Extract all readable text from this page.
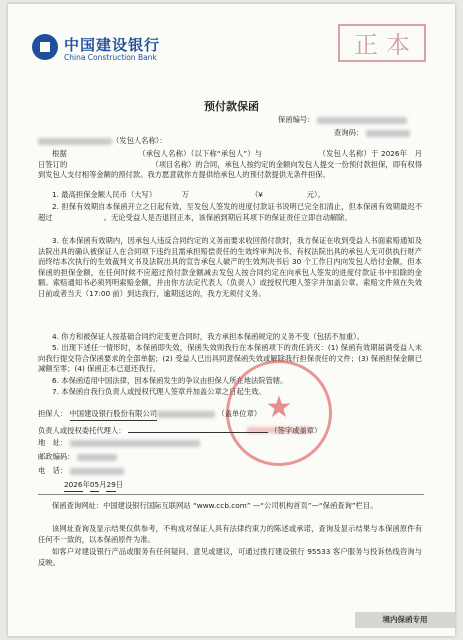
中国建设银行
China Construction Bank	正本
预付款保函
保函编号：
查询码：
（发包人名称）：
根据　　　　　　　　　　（承包人名称）（以下称“承包人”）与　　　　　　　　（发包人名称）于 2026年　月　日签订的　　　　　　　　　　　　（项目名称）的合同，承包人按约定的金额向发包人提交一份预付款担保，即有权得到发包人支付相等金额的预付款。我方愿意就你方提供给承包人的预付款提供无条件担保。
1. 最高担保金额人民币（大写）　　　　万　　　　　　　　　（¥　　　　　　元）。
2. 担保有效期自本保函开立之日起有效，至发包人签发的进度付款证书说明已完全扣清止，但本保函有效期最迟不超过　　　　　　　。无论受益人是否退回正本，该保函到期后其项下的保证责任立即自动解除。
3. 在本保函有效期内，因承包人违反合同约定的义务而要求收回预付款时，我方保证在收到受益人书面索赔通知及法院出具的确认被保证人在合同项下违约且需承担赔偿责任的生效终审判决书、有权法院出具的承包人无可供执行财产而终结本次执行的生效裁判文书及法院出具的宣告承包人破产的生效判决书后 30 个工作日内向发包人给付金额，但本保函的担保金额，在任何时候不应超过预付款金额减去发包人按合同约定在向承包人签发的进度付款证书中扣除的金额。索赔通知书必须列明索赔金额，并由你方法定代表人（负责人）或授权代理人签字并加盖公章。索赔文件须在失效日前或者当天（17:00 前）到达我行，逾期送达的，我方无须付义务。
4. 你方和被保证人按基础合同约定变更合同时，我方承担本保函规定的义务不变（包括不加重）。
5. 出现下述任一情形时，本保函即失效，保函失效则我行在本保函项下的责任消灭：(1) 保函有效期届满受益人未向我行提交符合保函要求的全部单据；(2) 受益人已出具同意保函失效或解除我行担保责任的文件；(3) 保函担保金额已减额至零；(4) 保函正本已退还我行。
6. 本保函适用中国法律，因本保函发生的争议由担保人所在地法院管辖。
7. 本保函自我行负责人或授权代理人签章并加盖公章之日起生效。 ★
担保人： 中国建设银行股份有限公司	（盖单位章）
负责人或授权委托代理人：	（签字或盖章）
地　址：
邮政编码：
电　话：
2026年05月29日
保函查询网址：中国建设银行国际互联网站 “www.ccb.com” —“公司机构首页”—“保函查询”栏目。
该网址查询及显示结果仅供参考，不构成对保证人具有法律约束力的陈述或承诺，查询及显示结果与本保函原件有任何不一致的，以本保函原件为准。
如客户对建设银行产品或服务有任何疑问、意见或建议，可通过拨打建设银行 95533 客户服务与投诉热线咨询与反映。
境内保函专用
